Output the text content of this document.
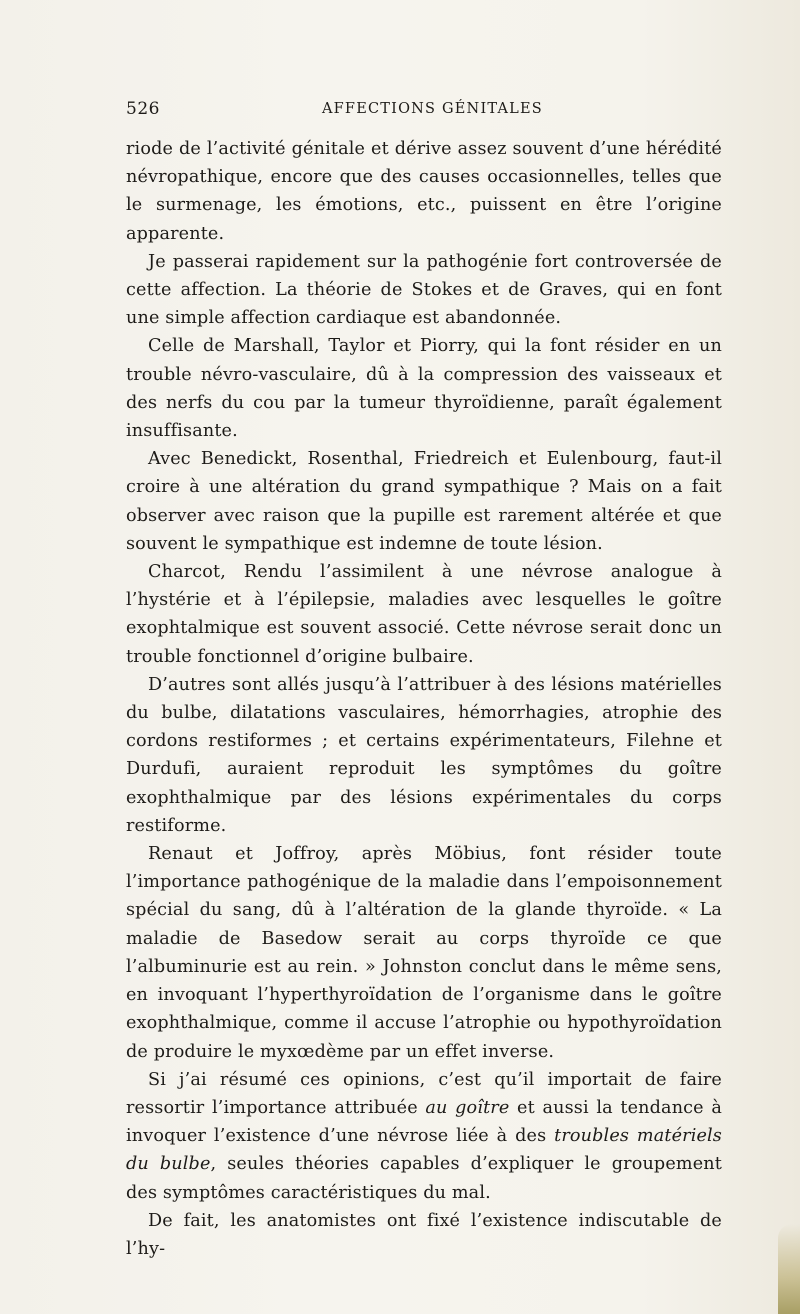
526	AFFECTIONS GÉNITALES

riode de l’activité génitale et dérive assez souvent d’une hérédité névropathique, encore que des causes occasionnelles, telles que le surmenage, les émotions, etc., puissent en être l’origine apparente.

Je passerai rapidement sur la pathogénie fort controversée de cette affection. La théorie de Stokes et de Graves, qui en font une simple affection cardiaque est abandonnée.

Celle de Marshall, Taylor et Piorry, qui la font résider en un trouble névro-vasculaire, dû à la compression des vaisseaux et des nerfs du cou par la tumeur thyroïdienne, paraît également insuffisante.

Avec Benedickt, Rosenthal, Friedreich et Eulenbourg, faut-il croire à une altération du grand sympathique ? Mais on a fait observer avec raison que la pupille est rarement altérée et que souvent le sympathique est indemne de toute lésion.

Charcot, Rendu l’assimilent à une névrose analogue à l’hystérie et à l’épilepsie, maladies avec lesquelles le goître exophtalmique est souvent associé. Cette névrose serait donc un trouble fonctionnel d’origine bulbaire.

D’autres sont allés jusqu’à l’attribuer à des lésions matérielles du bulbe, dilatations vasculaires, hémorrhagies, atrophie des cordons restiformes ; et certains expérimentateurs, Filehne et Durdufi, auraient reproduit les symptômes du goître exophthalmique par des lésions expérimentales du corps restiforme.

Renaut et Joffroy, après Möbius, font résider toute l’importance pathogénique de la maladie dans l’empoisonnement spécial du sang, dû à l’altération de la glande thyroïde. « La maladie de Basedow serait au corps thyroïde ce que l’albuminurie est au rein. » Johnston conclut dans le même sens, en invoquant l’hyperthyroïdation de l’organisme dans le goître exophthalmique, comme il accuse l’atrophie ou hypothyroïdation de produire le myxœdème par un effet inverse.

Si j’ai résumé ces opinions, c’est qu’il importait de faire ressortir l’importance attribuée au goître et aussi la tendance à invoquer l’existence d’une névrose liée à des troubles matériels du bulbe, seules théories capables d’expliquer le groupement des symptômes caractéristiques du mal.

De fait, les anatomistes ont fixé l’existence indiscutable de l’hy-
